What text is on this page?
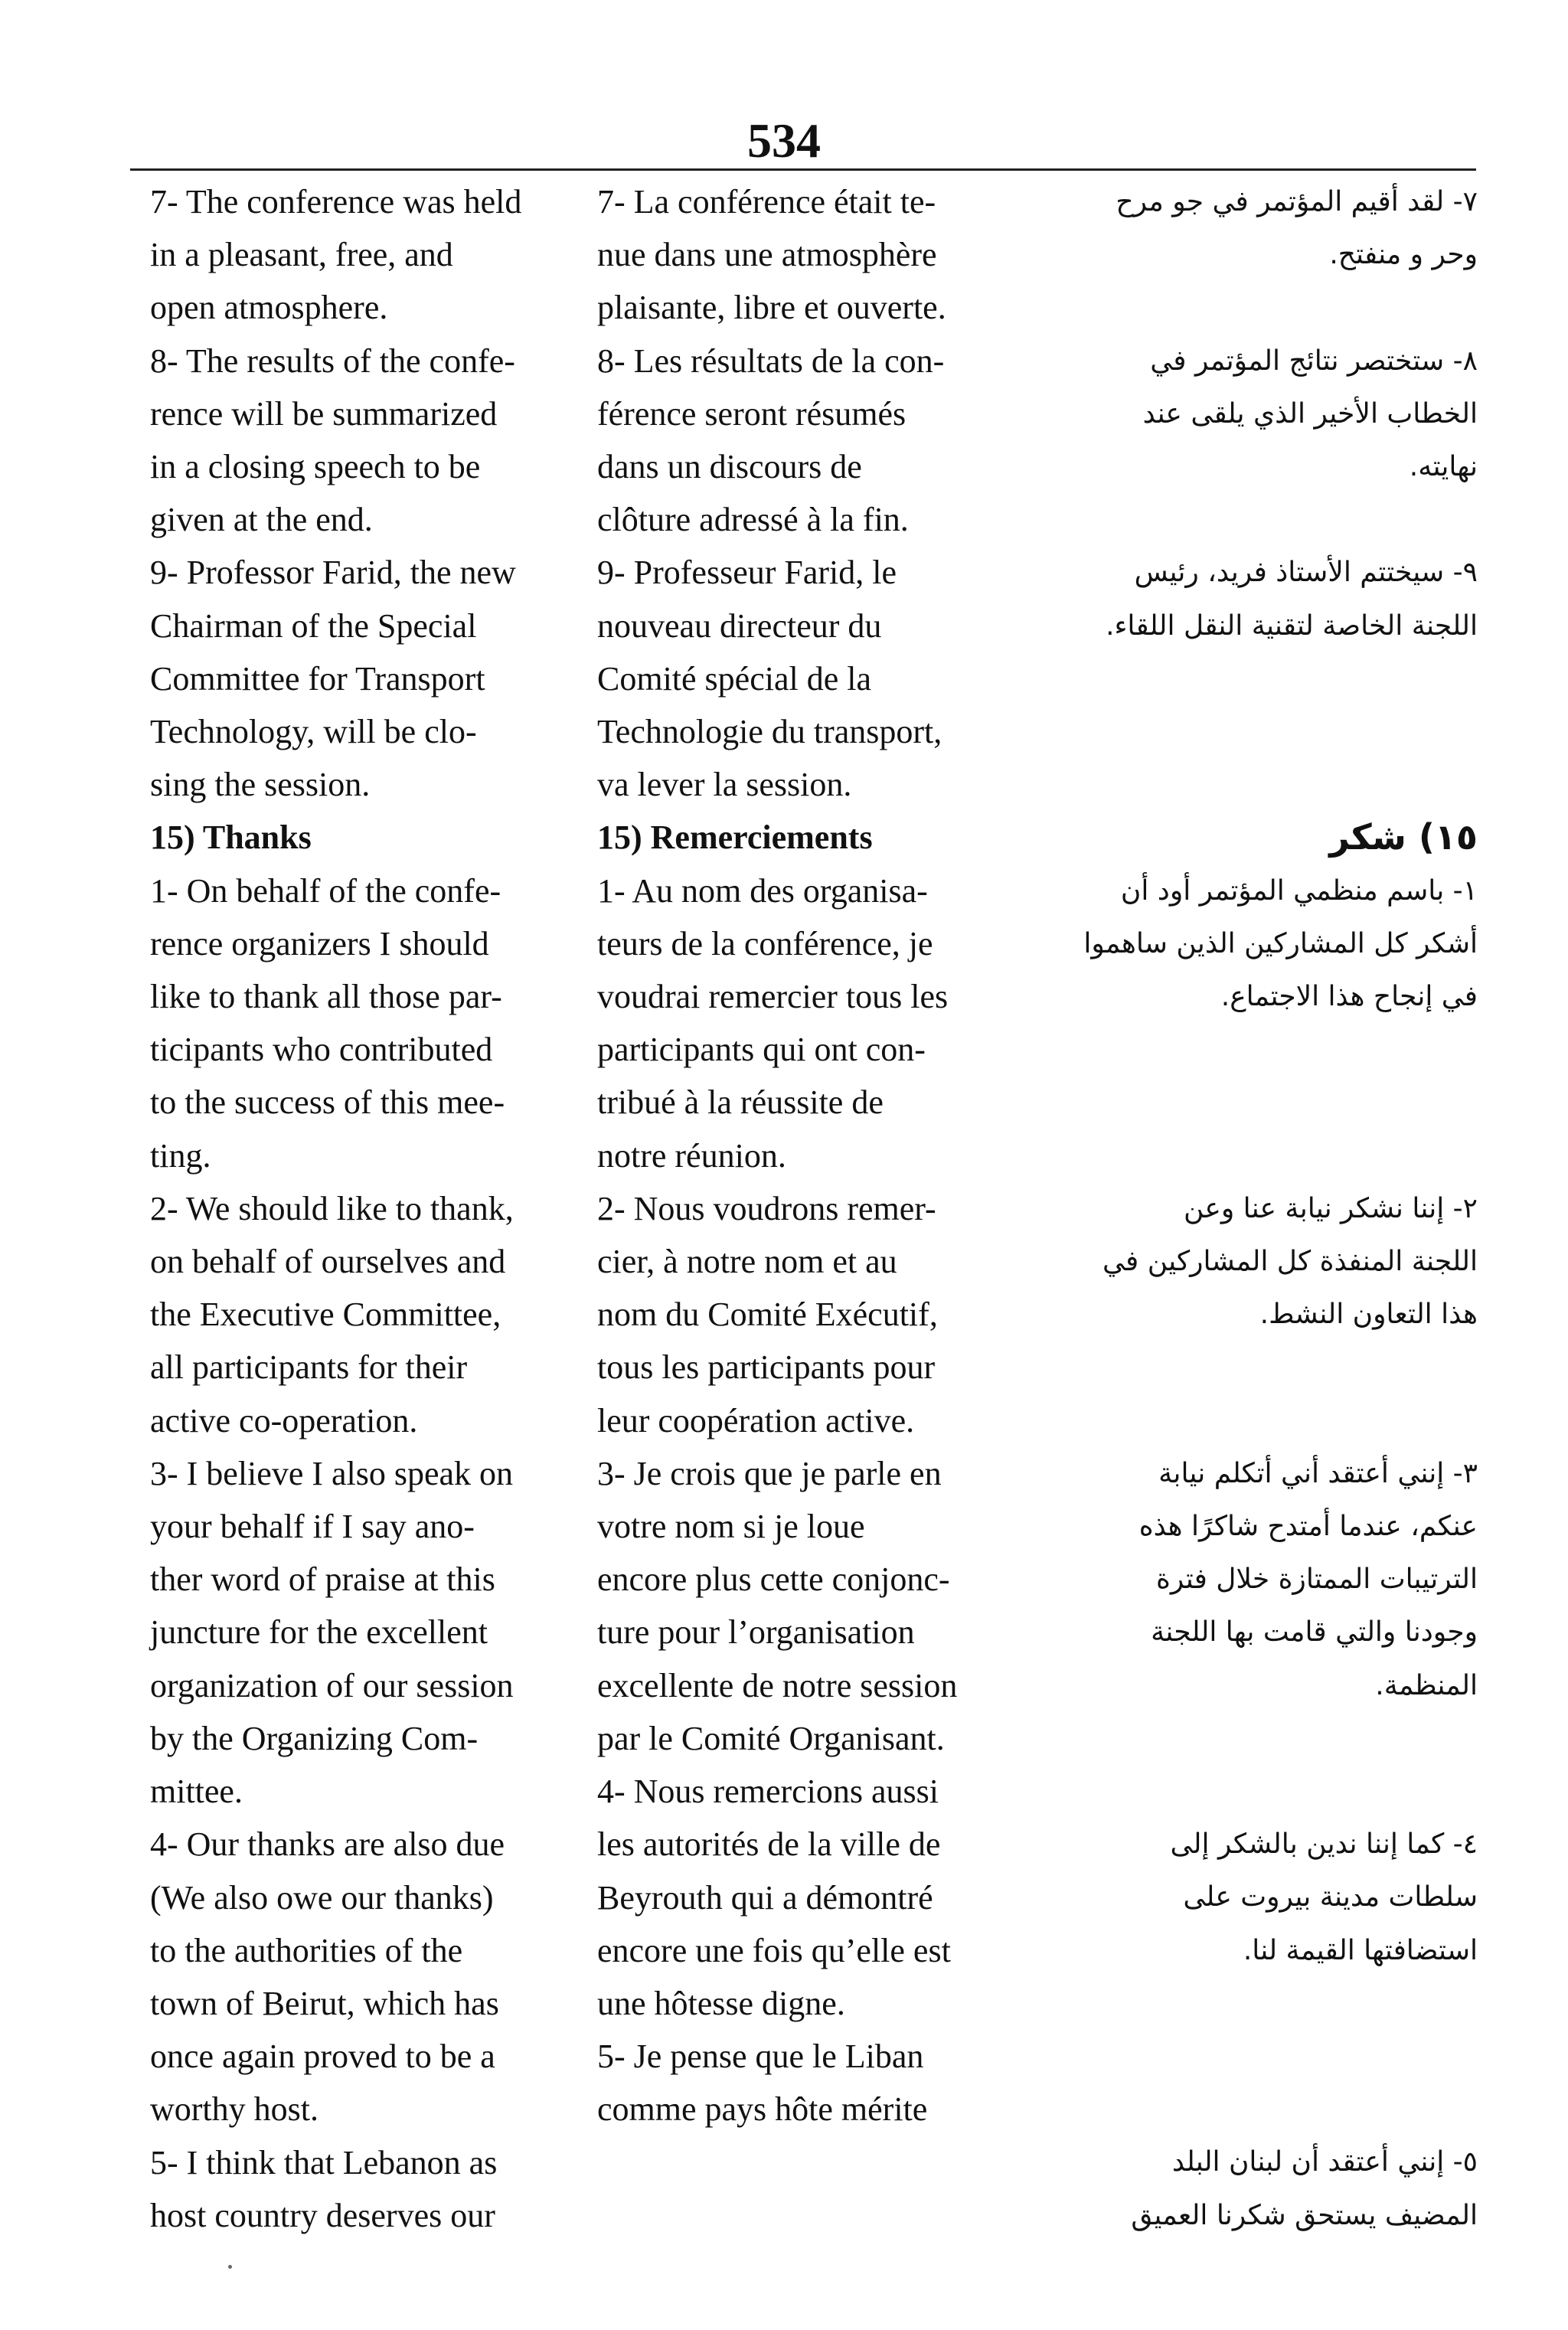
534

7- The conference was held
in a pleasant, free, and
open atmosphere.

8- The results of the confe-
rence will be summarized
in a closing speech to be
given at the end.

9- Professor Farid, the new
Chairman of the Special
Committee for Transport
Technology, will be clo-
sing the session.

15) Thanks

1- On behalf of the confe-
rence organizers I should
like to thank all those par-
ticipants who contributed
to the success of this mee-
ting.

2- We should like to thank,
on behalf of ourselves and
the Executive Committee,
all participants for their
active co-operation.

3- I believe I also speak on
your behalf if I say ano-
ther word of praise at this
juncture for the excellent
organization of our session
by the Organizing Com-
mittee.

4- Our thanks are also due
(We also owe our thanks)
to the authorities of the
town of Beirut, which has
once again proved to be a
worthy host.

5- I think that Lebanon as
host country deserves our

7- La conférence était te-
nue dans une atmosphère
plaisante, libre et ouverte.

8- Les résultats de la con-
férence seront résumés
dans un discours de
clôture adressé à la fin.

9- Professeur Farid, le
nouveau directeur du
Comité spécial de la
Technologie du transport,
va lever la session.

15) Remerciements

1- Au nom des organisa-
teurs de la conférence, je
voudrai remercier tous les
participants qui ont con-
tribué à la réussite de
notre réunion.

2- Nous voudrons remer-
cier, à notre nom et au
nom du Comité Exécutif,
tous les participants pour
leur coopération active.

3- Je crois que je parle en
votre nom si je loue
encore plus cette conjonc-
ture pour l’organisation
excellente de notre session
par le Comité Organisant.

4- Nous remercions aussi
les autorités de la ville de
Beyrouth qui a démontré
encore une fois qu’elle est
une hôtesse digne.

5- Je pense que le Liban
comme pays hôte mérite

٧- لقد أقيم المؤتمر في جو مرح
وحر و منفتح.
٨- ستختصر نتائج المؤتمر في
الخطاب الأخير الذي يلقى عند
نهايته.
٩- سيختتم الأستاذ فريد، رئيس
اللجنة الخاصة لتقنية النقل اللقاء.
١٥) شكر
١- باسم منظمي المؤتمر أود أن
أشكر كل المشاركين الذين ساهموا
في إنجاح هذا الاجتماع.
٢- إننا نشكر نيابة عنا وعن
اللجنة المنفذة كل المشاركين في
هذا التعاون النشط.
٣- إنني أعتقد أني أتكلم نيابة
عنكم، عندما أمتدح شاكرًا هذه
الترتيبات الممتازة خلال فترة
وجودنا والتي قامت بها اللجنة
المنظمة.
٤- كما إننا ندين بالشكر إلى
سلطات مدينة بيروت على
استضافتها القيمة لنا.
٥- إنني أعتقد أن لبنان البلد
المضيف يستحق شكرنا العميق
